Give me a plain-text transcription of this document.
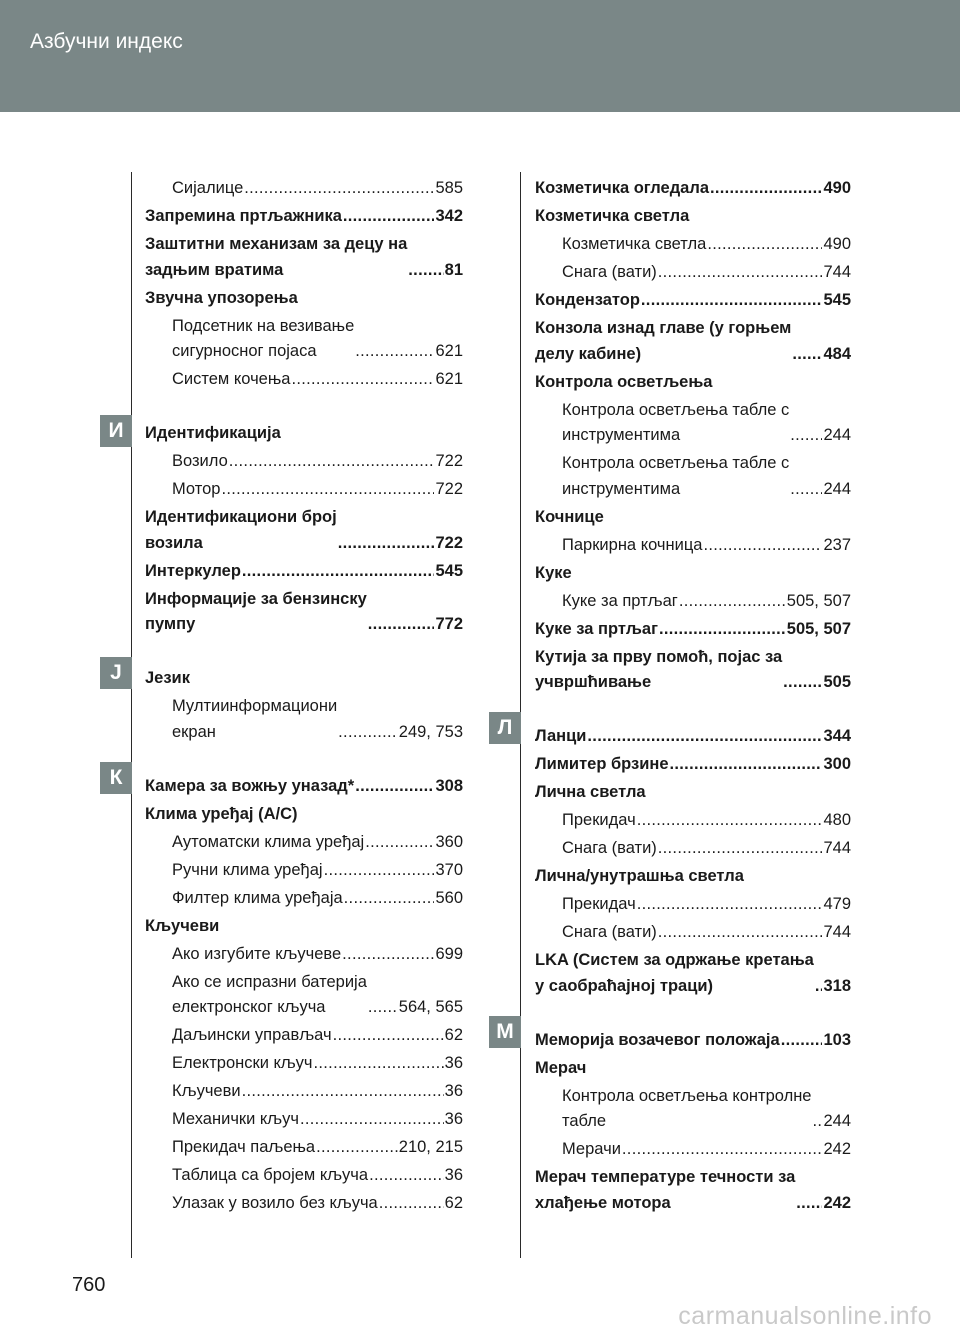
Азбучни индекс
И
Ј
К
Л
М
Сијалице .....	585
Запремина пртљажника .....	342
Заштитни механизам за децу на
задњим вратима .....	81
Звучна упозорења
Подсетник на везивање
сигурносног појаса .....	621
Систем кочења .....	621
Идентификација
Возило .....	722
Мотор .....	722
Идентификациони број
возила .....	722
Интеркулер .....	545
Информације за бензинску
пумпу .....	772
Језик
Мултиинформациони
екран .....	249, 753
Камера за вожњу уназад* .....	308
Клима уређај (А/С)
Аутоматски клима уређај .....	360
Ручни клима уређај .....	370
Филтер клима уређаја .....	560
Кључеви
Ако изгубите кључеве .....	699
Ако се испразни батерија
електронског кључа .....	564, 565
Даљински управљач .....	62
Електронски кључ .....	36
Кључеви .....	36
Механички кључ .....	36
Прекидач паљења .....	210, 215
Таблица са бројем кључа .....	36
Улазак у возило без кључа .....	62
Козметичка огледала .....	490
Козметичка светла
Козметичка светла .....	490
Снага (вати) .....	744
Кондензатор .....	545
Конзола изнад главе (у горњем
делу кабине) .....	484
Контрола осветљења
Контрола осветљења табле с
инструментима .....	244
Контрола осветљења табле с
инструментима .....	244
Кочнице
Паркирна кочница .....	237
Куке
Куке за пртљаг .....	505, 507
Куке за пртљаг .....	505, 507
Кутија за прву помоћ, појас за
учвршћивање .....	505
Ланци .....	344
Лимитер брзине .....	300
Лична светла
Прекидач .....	480
Снага (вати) .....	744
Лична/унутрашња светла
Прекидач .....	479
Снага (вати) .....	744
LKA (Систем за одржање кретања
у саобраћајној траци) .....	318
Меморија возачевог положаја .....	103
Мерач
Контрола осветљења контролне
табле .....	244
Мерачи .....	242
Мерач температуре течности за
хлађење мотора .....	242
760
carmanualsonline.info
